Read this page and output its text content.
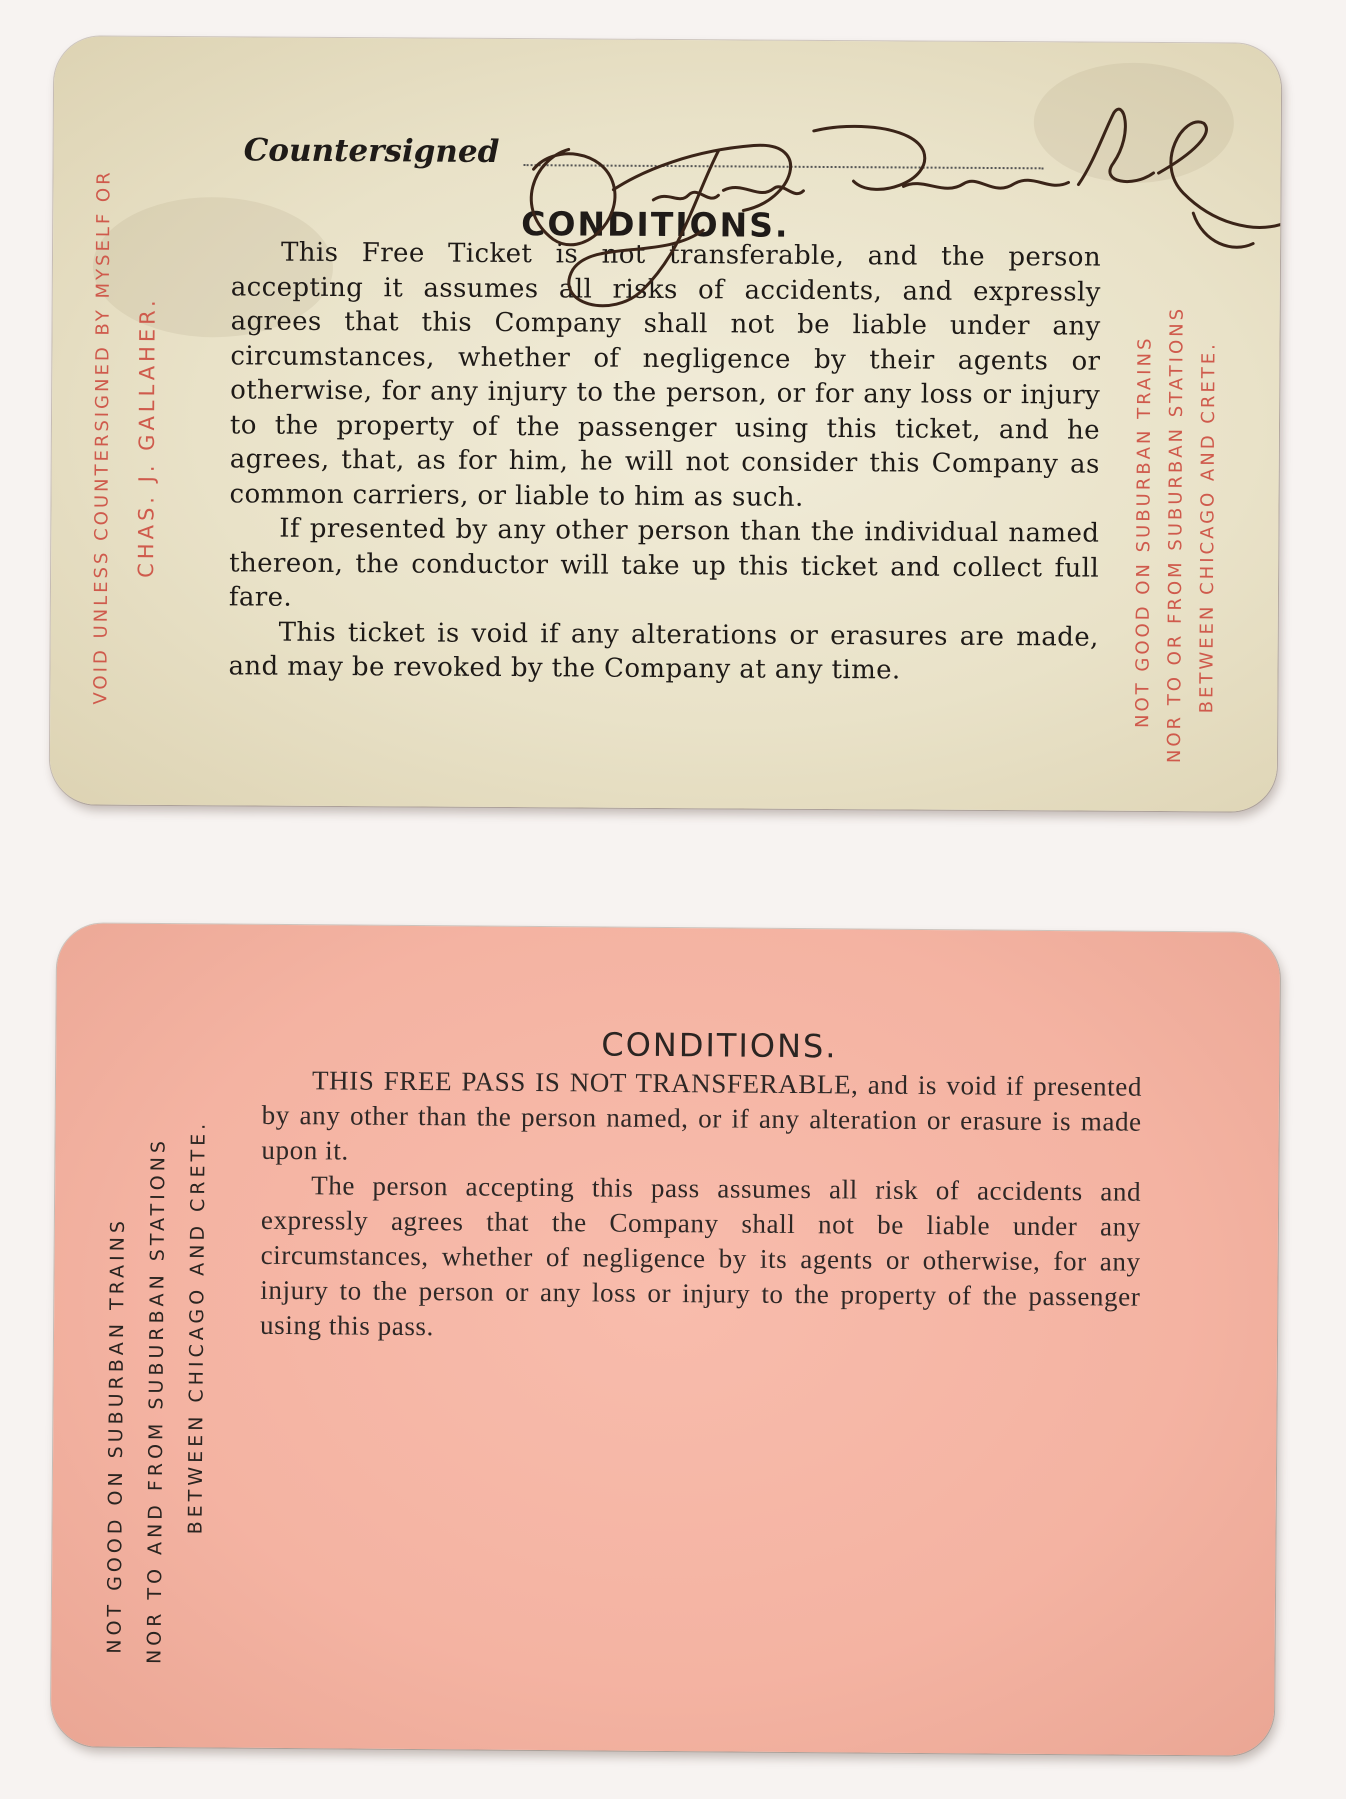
VOID UNLESS COUNTERSIGNED BY MYSELF OR CHAS. J. GALLAHER.	NOT GOOD ON SUBURBAN TRAINS NOR TO OR FROM SUBURBAN STATIONS BETWEEN CHICAGO AND CRETE.
Countersigned
CONDITIONS.

This Free Ticket is not transferable, and the person accepting it assumes all risks of accidents, and expressly agrees that this Company shall not be liable under any circumstances, whether of negligence by their agents or otherwise, for any injury to the person, or for any loss or injury to the property of the passenger using this ticket, and he agrees, that, as for him, he will not consider this Company as common carriers, or liable to him as such.

If presented by any other person than the individual named thereon, the conductor will take up this ticket and collect full fare.

This ticket is void if any alterations or erasures are made, and may be revoked by the Company at any time.

NOT GOOD ON SUBURBAN TRAINS NOR TO AND FROM SUBURBAN STATIONS BETWEEN CHICAGO AND CRETE.
CONDITIONS.

THIS FREE PASS IS NOT TRANSFERABLE, and is void if presented by any other than the person named, or if any alteration or erasure is made upon it.

The person accepting this pass assumes all risk of accidents and expressly agrees that the Company shall not be liable under any circumstances, whether of negligence by its agents or otherwise, for any injury to the person or any loss or injury to the property of the passenger using this pass.
